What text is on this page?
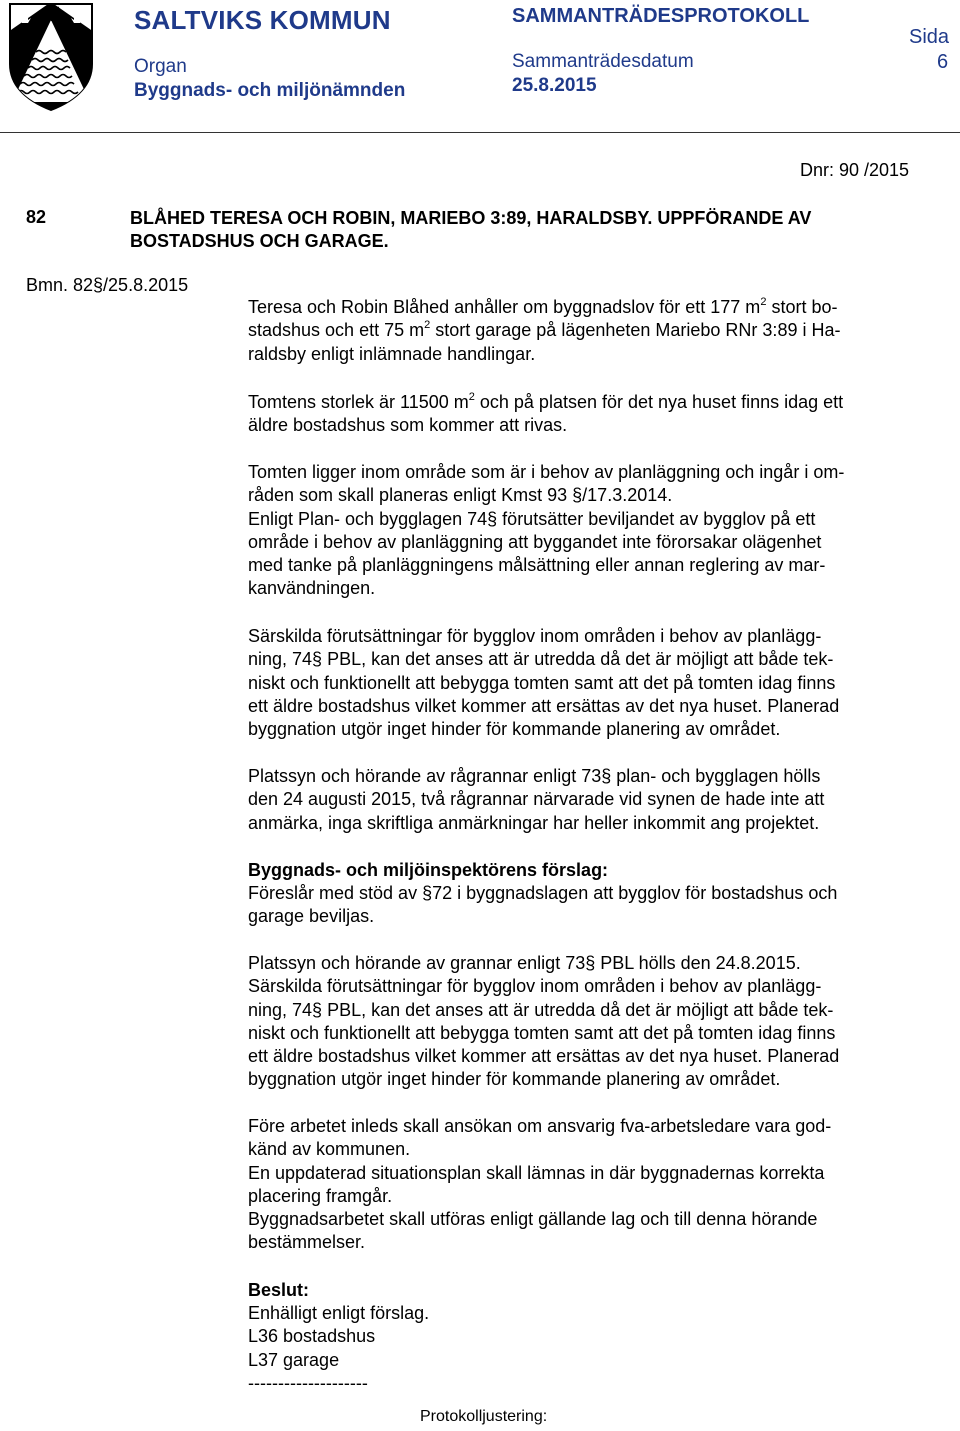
SALTVIKS KOMMUN
Organ
Byggnads- och miljönämnden
SAMMANTRÄDESPROTOKOLL
Sammanträdesdatum
25.8.2015
Sida
6
Dnr: 90 /2015
82	BLÅHED TERESA OCH ROBIN, MARIEBO 3:89, HARALDSBY. UPPFÖRANDE AV
BOSTADSHUS OCH GARAGE.
Bmn. 82§/25.8.2015
Teresa och Robin Blåhed anhåller om byggnadslov för ett 177 $m^2$ stort bo-
stadshus och ett 75 $m^2$ stort garage på lägenheten Mariebo RNr 3:89 i Ha-
raldsby enligt inlämnade handlingar.
Tomtens storlek är 11500 $m^2$ och på platsen för det nya huset finns idag ett
äldre bostadshus som kommer att rivas.
Tomten ligger inom område som är i behov av planläggning och ingår i om-
råden som skall planeras enligt Kmst 93 §/17.3.2014.
Enligt Plan- och bygglagen 74§ förutsätter beviljandet av bygglov på ett
område i behov av planläggning att byggandet inte förorsakar olägenhet
med tanke på planläggningens målsättning eller annan reglering av mar-
kanvändningen.
Särskilda förutsättningar för bygglov inom områden i behov av planlägg-
ning, 74§ PBL, kan det anses att är utredda då det är möjligt att både tek-
niskt och funktionellt att bebygga tomten samt att det på tomten idag finns
ett äldre bostadshus vilket kommer att ersättas av det nya huset. Planerad
byggnation utgör inget hinder för kommande planering av området.
Platssyn och hörande av rågrannar enligt 73§ plan- och bygglagen hölls
den 24 augusti 2015, två rågrannar närvarade vid synen de hade inte att
anmärka, inga skriftliga anmärkningar har heller inkommit ang projektet.
Byggnads- och miljöinspektörens förslag:
Föreslår med stöd av §72 i byggnadslagen att bygglov för bostadshus och
garage beviljas.
Platssyn och hörande av grannar enligt 73§ PBL hölls den 24.8.2015.
Särskilda förutsättningar för bygglov inom områden i behov av planlägg-
ning, 74§ PBL, kan det anses att är utredda då det är möjligt att både tek-
niskt och funktionellt att bebygga tomten samt att det på tomten idag finns
ett äldre bostadshus vilket kommer att ersättas av det nya huset. Planerad
byggnation utgör inget hinder för kommande planering av området.
Före arbetet inleds skall ansökan om ansvarig fva-arbetsledare vara god-
känd av kommunen.
En uppdaterad situationsplan skall lämnas in där byggnadernas korrekta
placering framgår.
Byggnadsarbetet skall utföras enligt gällande lag och till denna hörande
bestämmelser.
Beslut:
Enhälligt enligt förslag.
L36 bostadshus
L37 garage
--------------------
Protokolljustering:
